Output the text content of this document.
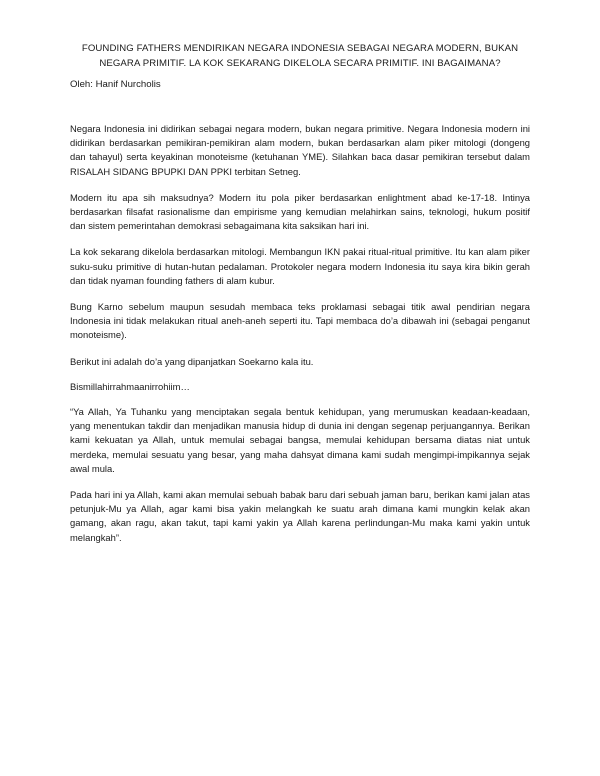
FOUNDING FATHERS MENDIRIKAN NEGARA INDONESIA SEBAGAI NEGARA MODERN, BUKAN NEGARA PRIMITIF. LA KOK SEKARANG DIKELOLA SECARA PRIMITIF. INI BAGAIMANA?
Oleh: Hanif Nurcholis

Negara Indonesia ini didirikan sebagai negara modern, bukan negara primitive. Negara Indonesia modern ini didirikan berdasarkan pemikiran-pemikiran alam modern, bukan berdasarkan alam piker mitologi (dongeng dan tahayul) serta keyakinan monoteisme (ketuhanan YME). Silahkan baca dasar pemikiran tersebut dalam RISALAH SIDANG BPUPKI DAN PPKI terbitan Setneg.

Modern itu apa sih maksudnya? Modern itu pola piker berdasarkan enlightment abad ke-17-18. Intinya berdasarkan filsafat rasionalisme dan empirisme yang kemudian melahirkan sains, teknologi, hukum positif dan sistem pemerintahan demokrasi sebagaimana kita saksikan hari ini.

La kok sekarang dikelola berdasarkan mitologi. Membangun IKN pakai ritual-ritual primitive. Itu kan alam piker suku-suku primitive di hutan-hutan pedalaman. Protokoler negara modern Indonesia itu saya kira bikin gerah dan tidak nyaman founding fathers di alam kubur.

Bung Karno sebelum maupun sesudah membaca teks proklamasi sebagai titik awal pendirian negara Indonesia ini tidak melakukan ritual aneh-aneh seperti itu. Tapi membaca do’a dibawah ini (sebagai penganut monoteisme).

Berikut ini adalah do’a yang dipanjatkan Soekarno kala itu.

Bismillahirrahmaanirrohiim…

“Ya Allah, Ya Tuhanku yang menciptakan segala bentuk kehidupan, yang merumuskan keadaan-keadaan, yang menentukan takdir dan menjadikan manusia hidup di dunia ini dengan segenap perjuangannya. Berikan kami kekuatan ya Allah, untuk memulai sebagai bangsa, memulai kehidupan bersama diatas niat untuk merdeka, memulai sesuatu yang besar, yang maha dahsyat dimana kami sudah mengimpi-impikannya sejak awal mula.

Pada hari ini ya Allah, kami akan memulai sebuah babak baru dari sebuah jaman baru, berikan kami jalan atas petunjuk-Mu ya Allah, agar kami bisa yakin melangkah ke suatu arah dimana kami mungkin kelak akan gamang, akan ragu, akan takut, tapi kami yakin ya Allah karena perlindungan-Mu maka kami yakin untuk melangkah”.
